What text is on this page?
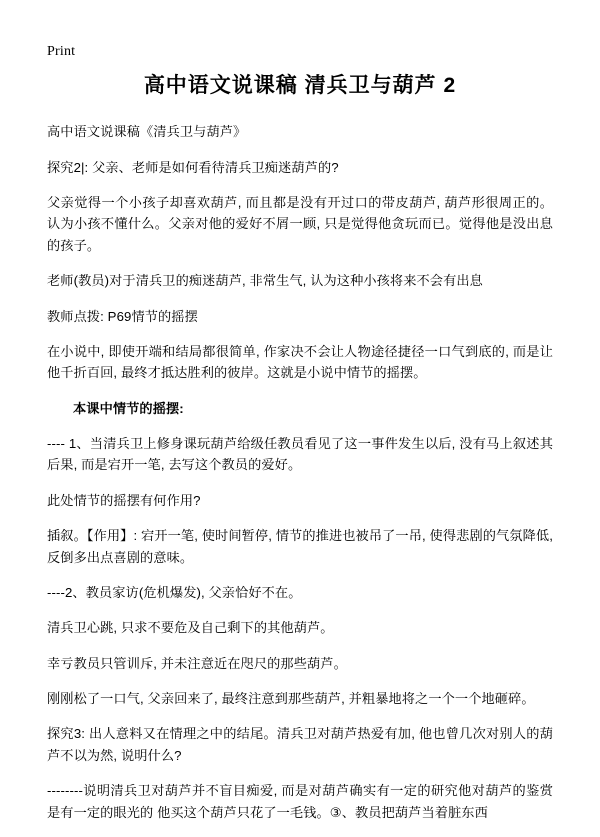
Print
高中语文说课稿 清兵卫与葫芦 2

高中语文说课稿《清兵卫与葫芦》

探究2|: 父亲、老师是如何看待清兵卫痴迷葫芦的?

父亲觉得一个小孩子却喜欢葫芦, 而且都是没有开过口的带皮葫芦, 葫芦形很周正的。认为小孩不懂什么。父亲对他的爱好不屑一顾, 只是觉得他贪玩而已。觉得他是没出息的孩子。

老师(教员)对于清兵卫的痴迷葫芦, 非常生气, 认为这种小孩将来不会有出息

教师点拨: P69情节的摇摆

在小说中, 即使开端和结局都很简单, 作家决不会让人物途径捷径一口气到底的, 而是让他千折百回, 最终才抵达胜利的彼岸。这就是小说中情节的摇摆。

本课中情节的摇摆:

---- 1、当清兵卫上修身课玩葫芦给级任教员看见了这一事件发生以后, 没有马上叙述其后果, 而是宕开一笔, 去写这个教员的爱好。

此处情节的摇摆有何作用?

插叙。【作用】: 宕开一笔, 使时间暂停, 情节的推进也被吊了一吊, 使得悲剧的气氛降低, 反倒多出点喜剧的意味。

----2、教员家访(危机爆发), 父亲恰好不在。

清兵卫心跳, 只求不要危及自己剩下的其他葫芦。

幸亏教员只管训斥, 并未注意近在咫尺的那些葫芦。

刚刚松了一口气, 父亲回来了, 最终注意到那些葫芦, 并粗暴地将之一个一个地砸碎。

探究3: 出人意料又在情理之中的结尾。清兵卫对葫芦热爱有加, 他也曾几次对别人的葫芦不以为然, 说明什么?

--------说明清兵卫对葫芦并不盲目痴爱, 而是对葫芦确实有一定的研究他对葫芦的鉴赏是有一定的眼光的 他买这个葫芦只花了一毛钱。③、教员把葫芦当着脏东西
